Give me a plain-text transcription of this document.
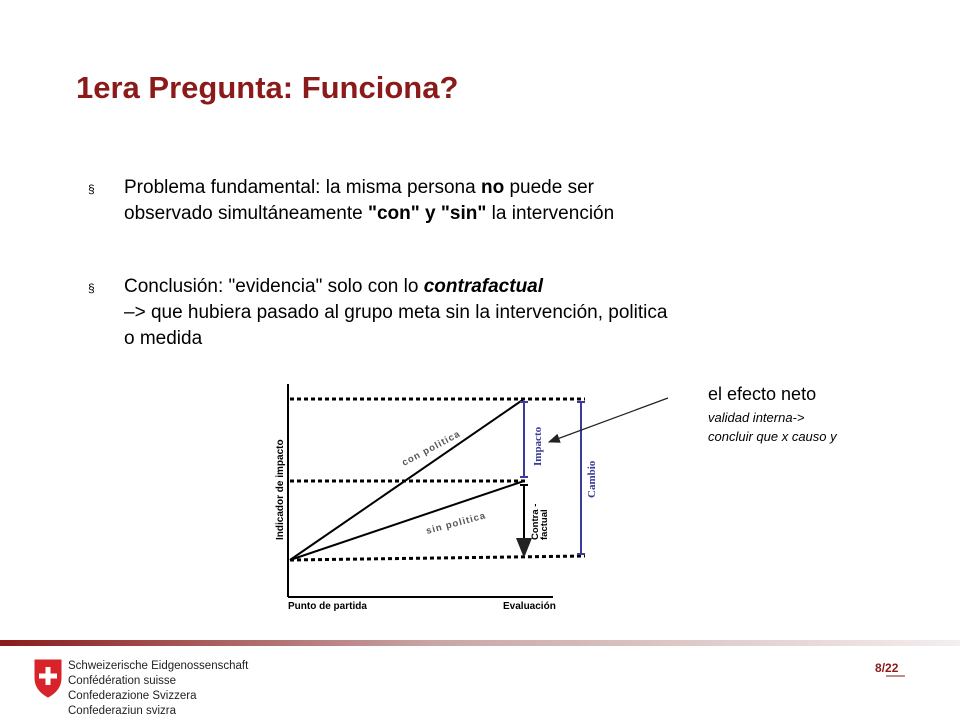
1era Pregunta: Funciona?
§ Problema fundamental: la misma persona no puede ser
observado simultáneamente "con" y "sin" la intervención
§ Conclusión: "evidencia" solo con lo contrafactual
–> que hubiera pasado al grupo meta sin la intervención, politica
o medida
el efecto neto
validad interna->
concluir que x causo y
Indicador de impacto
Punto de partida	Evaluación
con politica
sin politica
Impacto
Contra -
factual
Cambio
Schweizerische Eidgenossenschaft
Confédération suisse
Confederazione Svizzera
Confederaziun svizra
8/22
